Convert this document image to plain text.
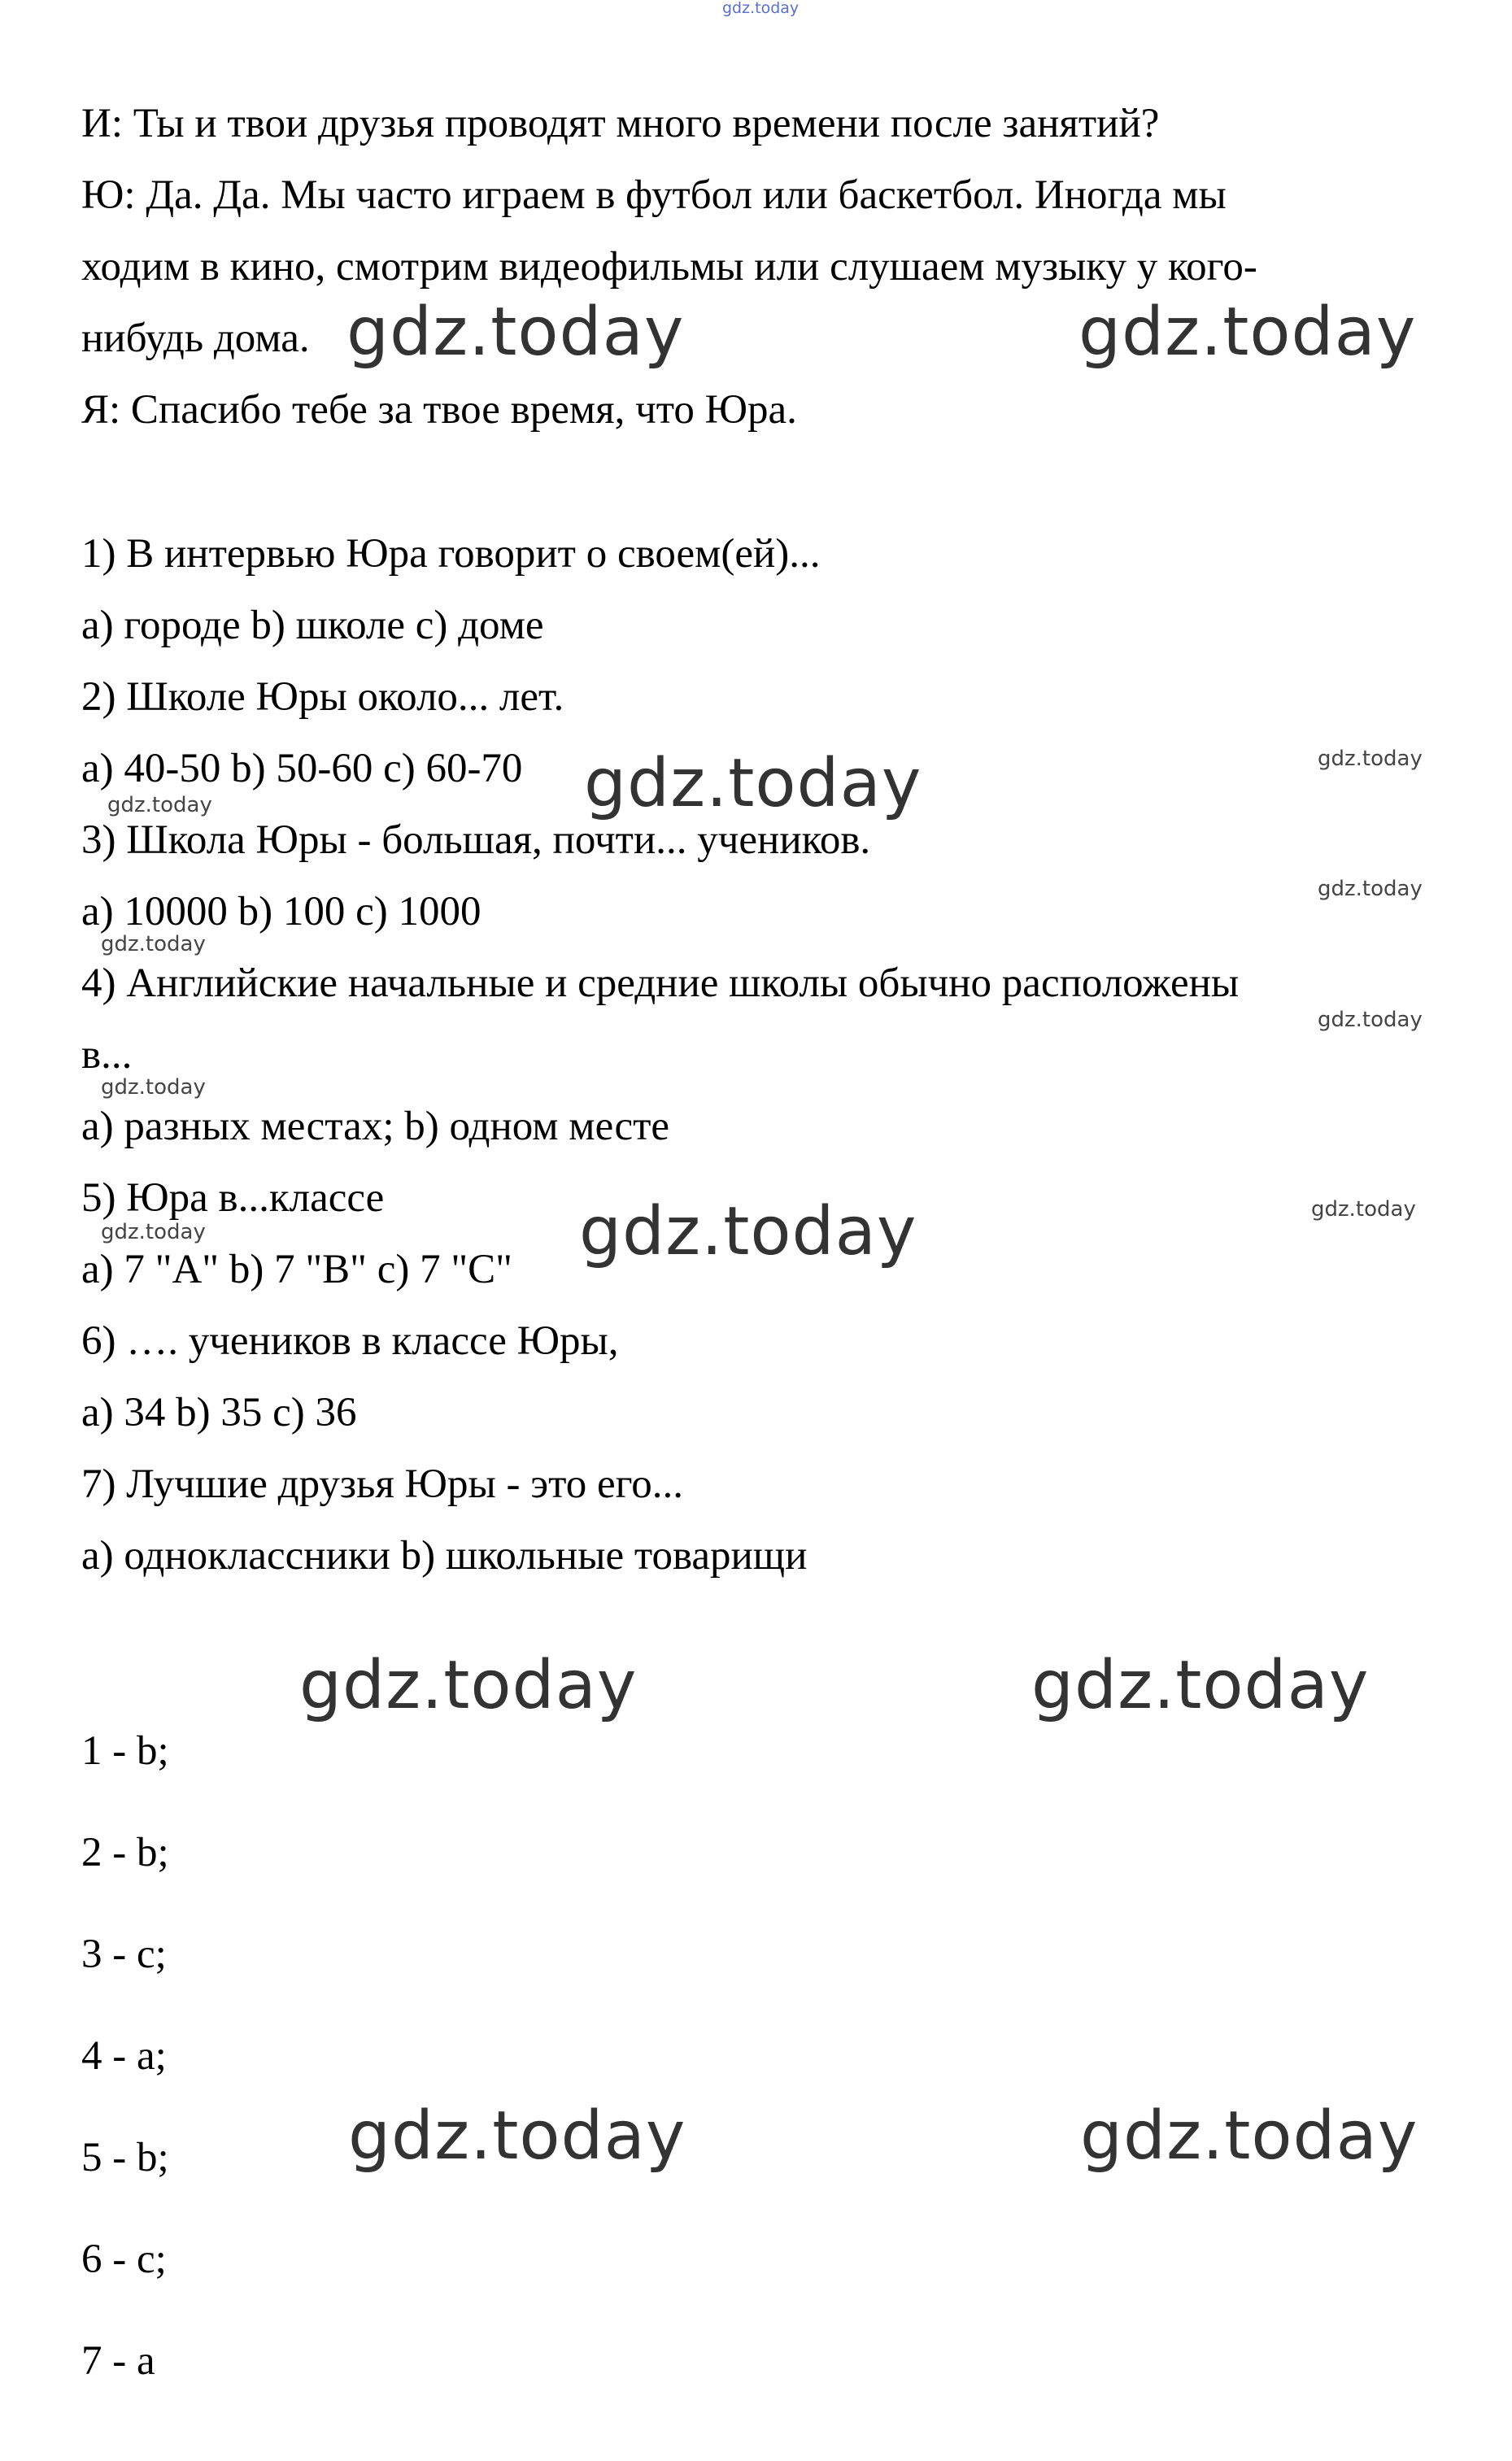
gdz.today
И: Ты и твои друзья проводят много времени после занятий?
Ю: Да. Да. Мы часто играем в футбол или баскетбол. Иногда мы
ходим в кино, смотрим видеофильмы или слушаем музыку у кого-
нибудь дома.
Я: Спасибо тебе за твое время, что Юра.
1) В интервью Юра говорит о своем(ей)...
a) городе b) школе c) доме
2) Школе Юры около... лет.
a) 40-50 b) 50-60 c) 60-70
3) Школа Юры - большая, почти... учеников.
a) 10000 b) 100 c) 1000
4) Английские начальные и средние школы обычно расположены
в...
a) разных местах; b) одном месте
5) Юра в...классе
a) 7 "A" b) 7 "B" c) 7 "C"
6) …. учеников в классе Юры,
a) 34 b) 35 c) 36
7) Лучшие друзья Юры - это его...
a) одноклассники b) школьные товарищи
1 - b;
2 - b;
3 - c;
4 - a;
5 - b;
6 - c;
7 - a
gdz.today	gdz.today
gdz.today
gdz.today
gdz.today	gdz.today
gdz.today	gdz.today
gdz.today
gdz.today
gdz.today
gdz.today
gdz.today
gdz.today
gdz.today
gdz.today
